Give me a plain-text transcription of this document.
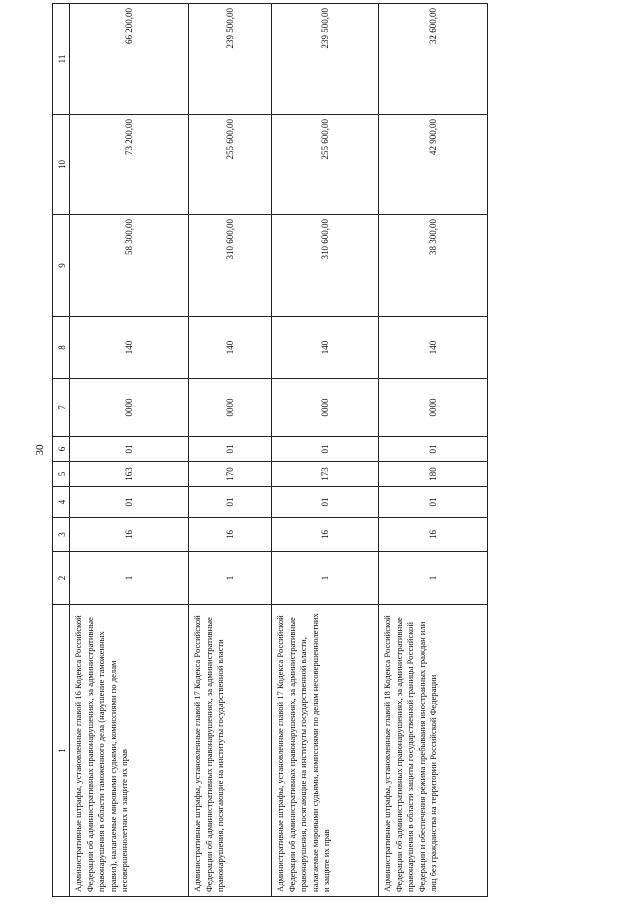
30
1
2
3
4
5
6
7
8
9
10
11
Административные штрафы, установленные главой 16 Кодекса Российской Федерации об административных правонарушениях, за административные правонарушения в области таможенного дела (нарушение таможенных правил), налагаемые мировыми судьями, комиссиями по делам несовершеннолетних и защите их прав
1
16
01
163
01
0000
140
58 300,00
73 200,00
66 200,00
Административные штрафы, установленные главой 17 Кодекса Российской Федерации об административных правонарушениях, за административные правонарушения, посягающие на институты государственной власти
1
16
01
170
01
0000
140
310 600,00
255 600,00
239 500,00
Административные штрафы, установленные главой 17 Кодекса Российской Федерации об административных правонарушениях, за административные правонарушения, посягающие на институты государственной власти, налагаемые мировыми судьями, комиссиями по делам несовершеннолетних и защите их прав
1
16
01
173
01
0000
140
310 600,00
255 600,00
239 500,00
Административные штрафы, установленные главой 18 Кодекса Российской Федерации об административных правонарушениях, за административные правонарушения в области защиты государственной границы Российской Федерации и обеспечения режима пребывания иностранных граждан или лиц без гражданства на территории Российской Федерации
1
16
01
180
01
0000
140
38 300,00
42 900,00
32 600,00
